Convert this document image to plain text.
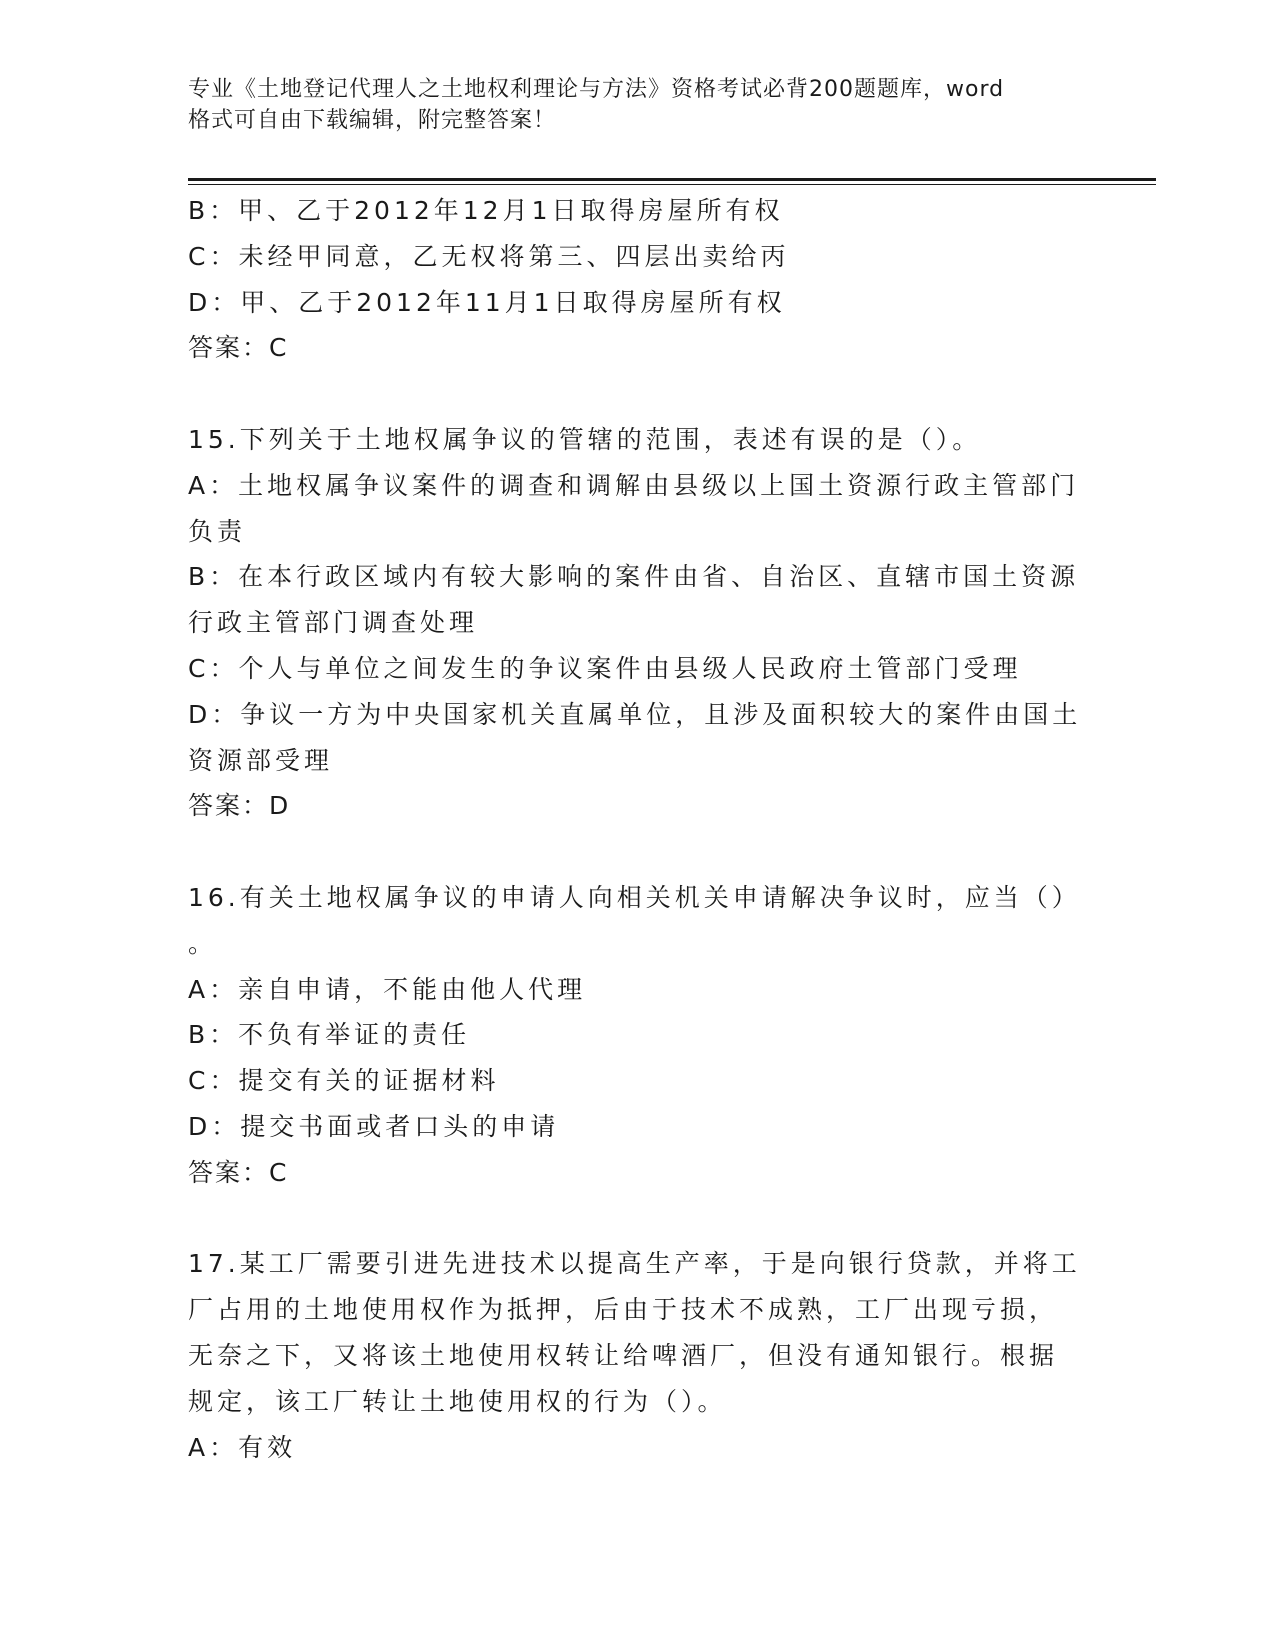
专业《土地登记代理人之土地权利理论与方法》资格考试必背200题题库，word
格式可自由下载编辑，附完整答案！
B：甲、乙于2012年12月1日取得房屋所有权
C：未经甲同意，乙无权将第三、四层出卖给丙
D：甲、乙于2012年11月1日取得房屋所有权
答案：C
15.下列关于土地权属争议的管辖的范围，表述有误的是（）。
A：土地权属争议案件的调查和调解由县级以上国土资源行政主管部门
负责
B：在本行政区域内有较大影响的案件由省、自治区、直辖市国土资源
行政主管部门调查处理
C：个人与单位之间发生的争议案件由县级人民政府土管部门受理
D：争议一方为中央国家机关直属单位，且涉及面积较大的案件由国土
资源部受理
答案：D
16.有关土地权属争议的申请人向相关机关申请解决争议时，应当（）
。
A：亲自申请，不能由他人代理
B：不负有举证的责任
C：提交有关的证据材料
D：提交书面或者口头的申请
答案：C
17.某工厂需要引进先进技术以提高生产率，于是向银行贷款，并将工
厂占用的土地使用权作为抵押，后由于技术不成熟，工厂出现亏损，
无奈之下，又将该土地使用权转让给啤酒厂，但没有通知银行。根据
规定，该工厂转让土地使用权的行为（）。
A：有效
